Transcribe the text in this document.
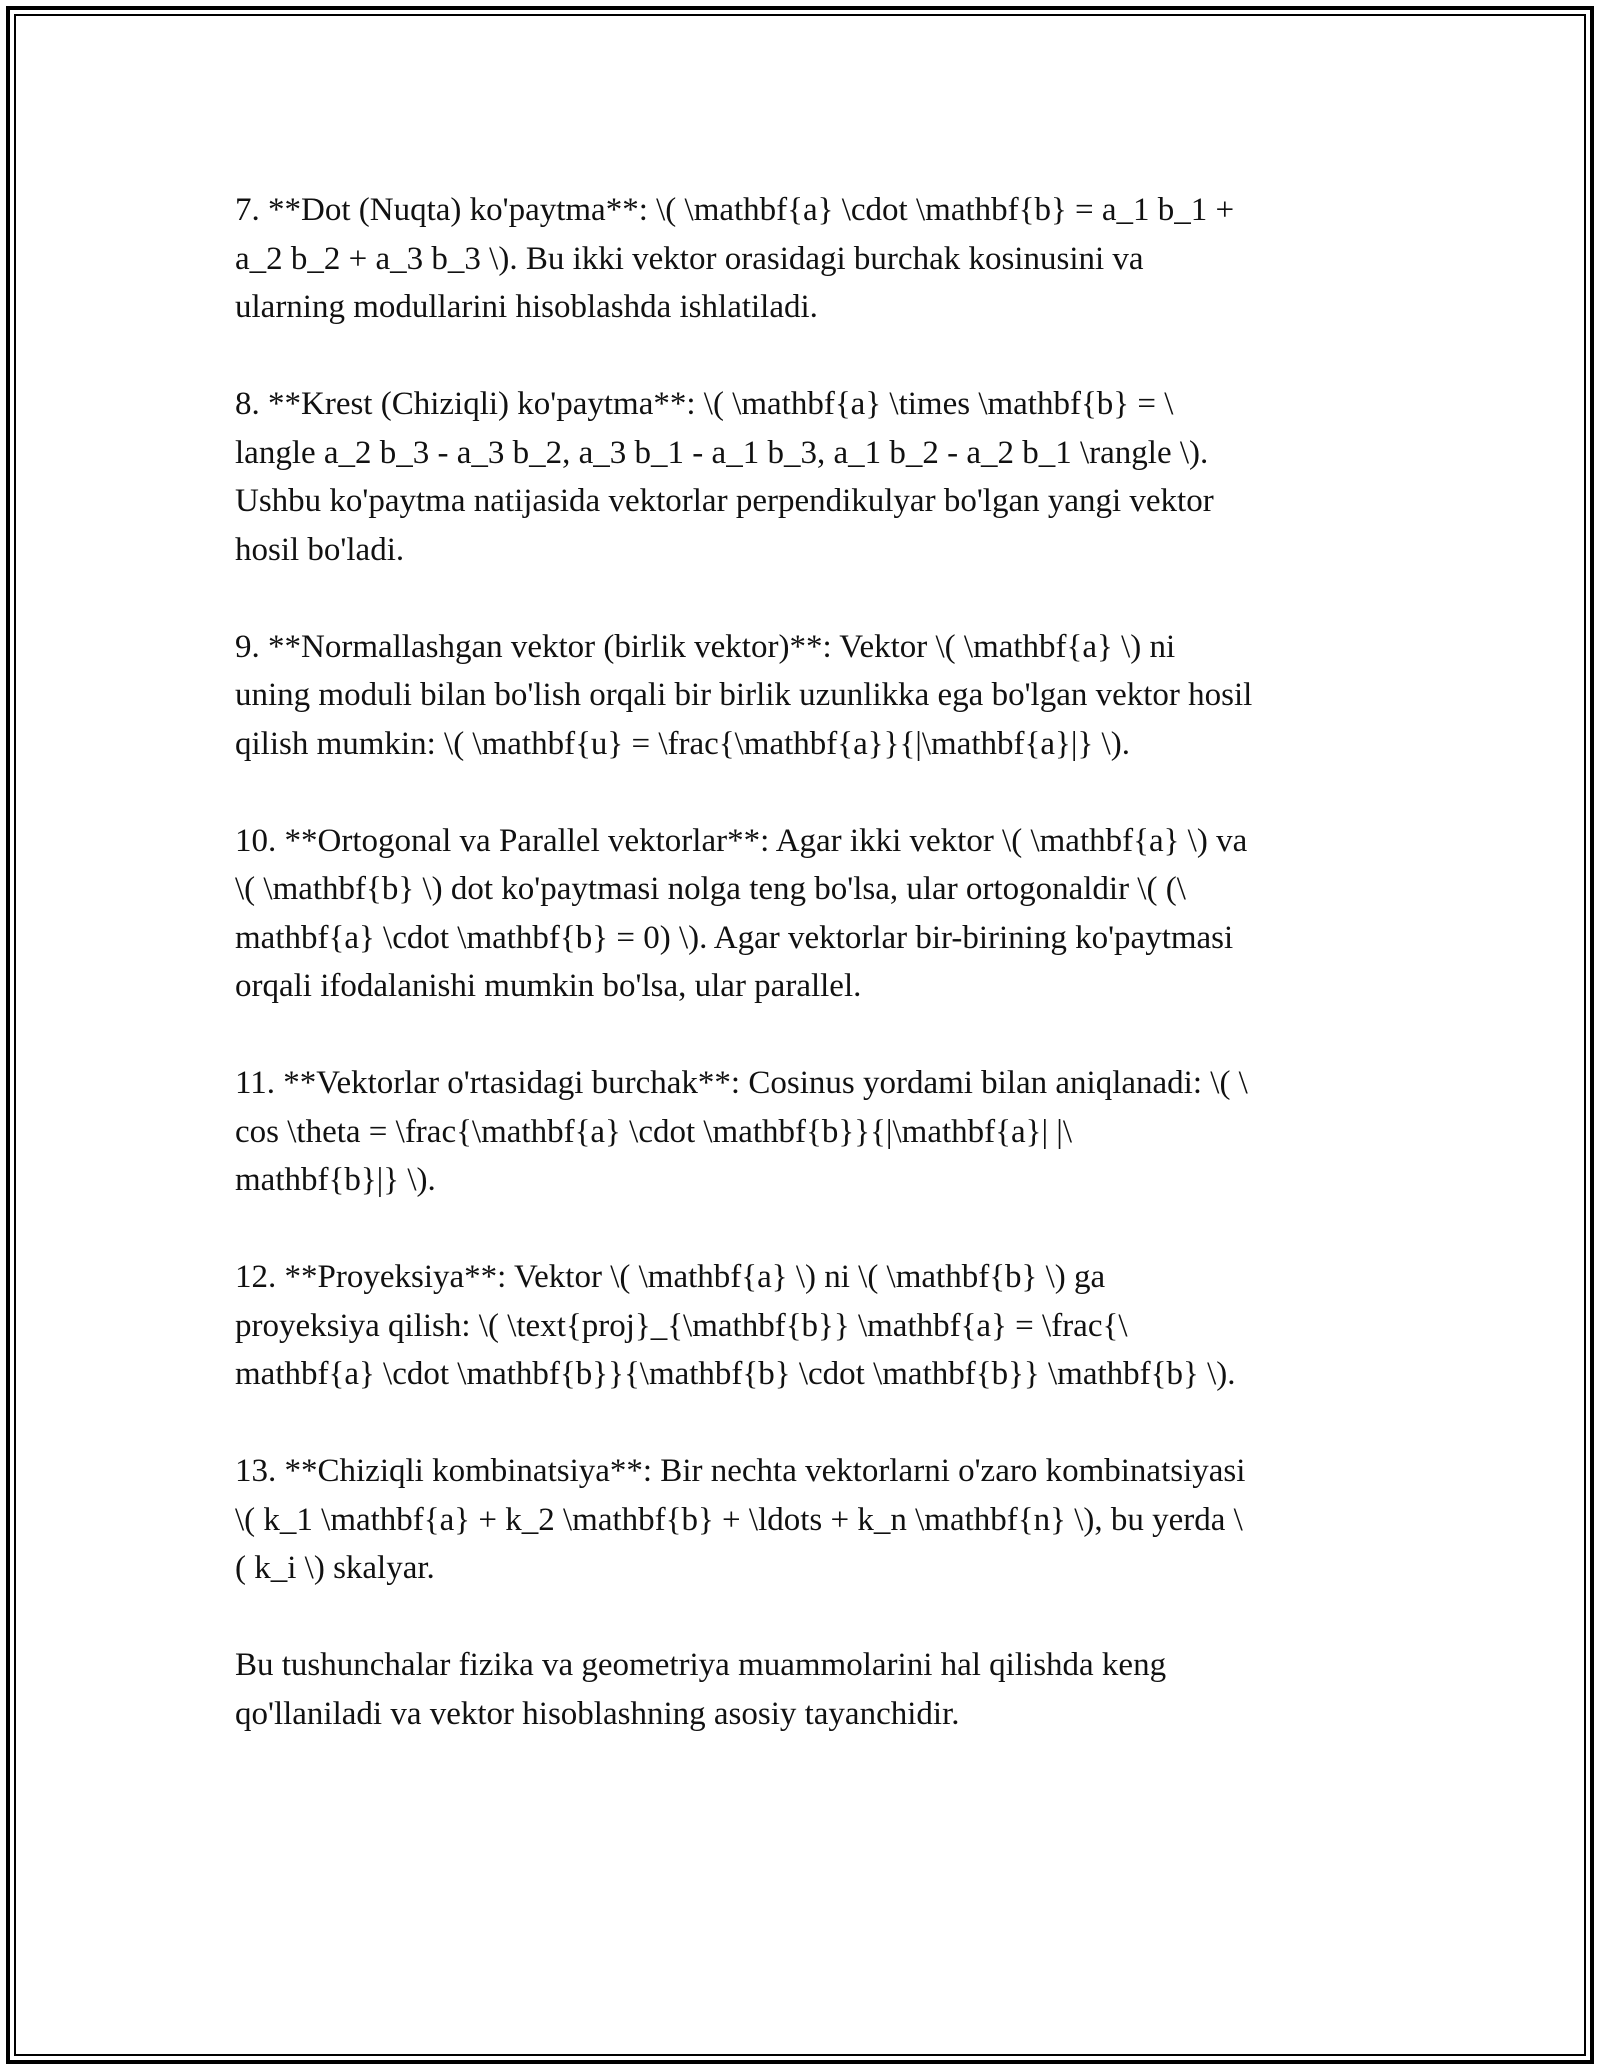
7. **Dot (Nuqta) ko'paytma**: \( \mathbf{a} \cdot \mathbf{b} = a_1 b_1 +
a_2 b_2 + a_3 b_3 \). Bu ikki vektor orasidagi burchak kosinusini va
ularning modullarini hisoblashda ishlatiladi.

8. **Krest (Chiziqli) ko'paytma**: \( \mathbf{a} \times \mathbf{b} = \
langle a_2 b_3 - a_3 b_2, a_3 b_1 - a_1 b_3, a_1 b_2 - a_2 b_1 \rangle \).
Ushbu ko'paytma natijasida vektorlar perpendikulyar bo'lgan yangi vektor
hosil bo'ladi.

9. **Normallashgan vektor (birlik vektor)**: Vektor \( \mathbf{a} \) ni
uning moduli bilan bo'lish orqali bir birlik uzunlikka ega bo'lgan vektor hosil
qilish mumkin: \( \mathbf{u} = \frac{\mathbf{a}}{|\mathbf{a}|} \).

10. **Ortogonal va Parallel vektorlar**: Agar ikki vektor \( \mathbf{a} \) va
\( \mathbf{b} \) dot ko'paytmasi nolga teng bo'lsa, ular ortogonaldir \( (\
mathbf{a} \cdot \mathbf{b} = 0) \). Agar vektorlar bir-birining ko'paytmasi
orqali ifodalanishi mumkin bo'lsa, ular parallel.

11. **Vektorlar o'rtasidagi burchak**: Cosinus yordami bilan aniqlanadi: \( \
cos \theta = \frac{\mathbf{a} \cdot \mathbf{b}}{|\mathbf{a}| |\
mathbf{b}|} \).

12. **Proyeksiya**: Vektor \( \mathbf{a} \) ni \( \mathbf{b} \) ga
proyeksiya qilish: \( \text{proj}_{\mathbf{b}} \mathbf{a} = \frac{\
mathbf{a} \cdot \mathbf{b}}{\mathbf{b} \cdot \mathbf{b}} \mathbf{b} \).

13. **Chiziqli kombinatsiya**: Bir nechta vektorlarni o'zaro kombinatsiyasi
\( k_1 \mathbf{a} + k_2 \mathbf{b} + \ldots + k_n \mathbf{n} \), bu yerda \
( k_i \) skalyar.

Bu tushunchalar fizika va geometriya muammolarini hal qilishda keng
qo'llaniladi va vektor hisoblashning asosiy tayanchidir.
